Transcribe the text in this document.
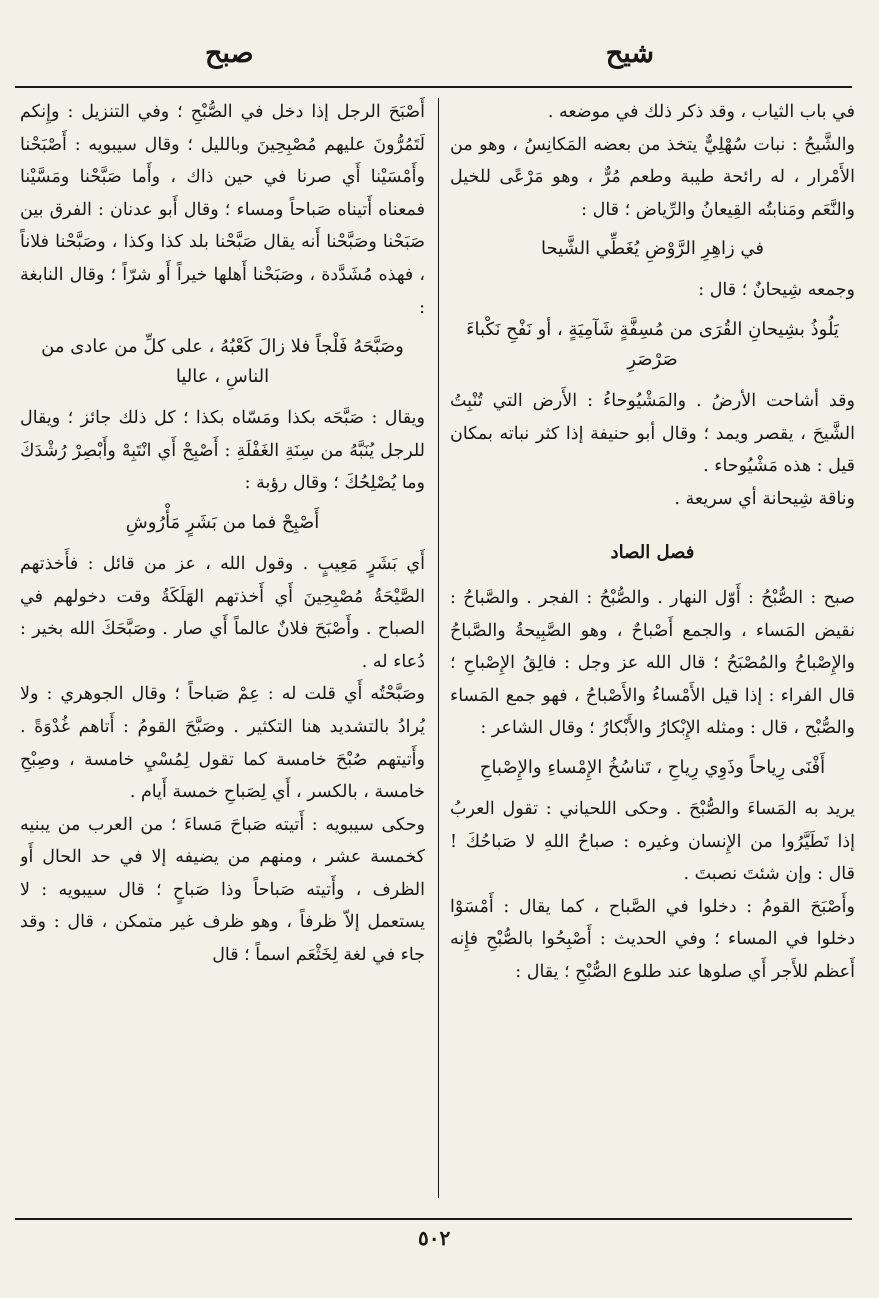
شيح
صبح

في باب الثياب ، وقد ذكر ذلك في موضعه .

والشَّيحُ : نبات سُهْلِيٌّ يتخذ من بعضه المَكانِسُ ، وهو من الأَمْرار ، له رائحة طيبة وطعم مُرٌّ ، وهو مَرْعًى للخيل والنَّعَم ومَنابتُه القِيعانُ والرِّياض ؛ قال :

في زاهِرِ الرَّوْضِ يُغَطِّي الشَّيحا

وجمعه شِيحانٌ ؛ قال :

يَلُوذُ بشِيحانِ القُرَى من مُسِفَّةٍ شَآمِيَةٍ ، أو نَفْحِ نَكْباءَ صَرْصَرِ

وقد أشاحت الأرضُ . والمَشْيُوحاءُ : الأَرض التي تُنْبِتُ الشَّيحَ ، يقصر ويمد ؛ وقال أبو حنيفة إذا كثر نباته بمكان قيل : هذه مَشْيُوحاء .

وناقة شِيحانة أي سريعة .

فصل الصاد

صبح : الصُّبْحُ : أَوّل النهار . والصُّبْحُ : الفجر . والصَّباحُ : نقيض المَساء ، والجمع أَصْباحٌ ، وهو الصَّبِيحةُ والصَّباحُ والإِصْباحُ والمُصْبَحُ ؛ قال الله عز وجل : فالِقُ الإِصْباحِ ؛ قال الفراء : إذا قيل الأَمْساءُ والأَصْباحُ ، فهو جمع المَساء والصُّبْح ، قال : ومثله الإِبْكارُ والأَبْكارُ ؛ وقال الشاعر :

أَفْنَى رِياحاً وذَوِي رِياحِ ، تَناسُخُ الإِمْساءِ والإِصْباحِ

يريد به المَساءَ والصُّبْحَ . وحكى اللحياني : تقول العربُ إذا تَطَيَّرُوا من الإِنسان وغيره : صباحُ اللهِ لا صَباحُكَ ! قال : وإن شئتَ نصبتَ .

وأَصْبَحَ القومُ : دخلوا في الصَّباح ، كما يقال : أَمْسَوْا دخلوا في المساء ؛ وفي الحديث : أَصْبِحُوا بالصُّبْحِ فإِنه أَعظم للأَجر أَي صلوها عند طلوع الصُّبْحِ ؛ يقال :

أَصْبَحَ الرجل إذا دخل في الصُّبْحِ ؛ وفي التنزيل : وإِنكم لَتَمُرُّونَ عليهم مُصْبِحِينَ وبالليل ؛ وقال سيبويه : أَصْبَحْنا وأَمْسَيْنا أَي صرنا في حين ذاك ، وأَما صَبَّحْنا ومَسَّيْنا فمعناه أَتيناه صَباحاً ومساء ؛ وقال أَبو عدنان : الفرق بين صَبَحْنا وصَبَّحْنا أَنه يقال صَبَّحْنا بلد كذا وكذا ، وصَبَّحْنا فلاناً ، فهذه مُشَدَّدة ، وصَبَحْنا أَهلها خيراً أَو شرّاً ؛ وقال النابغة :

وصَبَّحَهُ فَلْجاً فلا زالَ كَعْبُهُ ، على كلِّ من عادى من الناسِ ، عاليا

ويقال : صَبَّحَه بكذا ومَسّاه بكذا ؛ كل ذلك جائز ؛ ويقال للرجل يُنَبَّهُ من سِنَةِ الغَفْلَةِ : أَصْبِحْ أَي انْتَبِهْ وأَبْصِرْ رُشْدَكَ وما يُصْلِحُكَ ؛ وقال رؤبة :

أَصْبِحْ فما من بَشَرٍ مَأْرُوشِ

أَي بَشَرٍ مَعِيبٍ . وقول الله ، عز من قائل : فأَخذتهم الصَّيْحَةُ مُصْبِحِينَ أَي أَخذتهم الهَلَكَةُ وقت دخولهم في الصباح . وأَصْبَحَ فلانٌ عالماً أَي صار . وصَبَّحَكَ الله بخير : دُعاء له .

وصَبَّحْتُه أَي قلت له : عِمْ صَباحاً ؛ وقال الجوهري : ولا يُرادُ بالتشديد هنا التكثير . وصَبَّحَ القومُ : أَتاهم غُدْوَةً . وأَتيتهم صُبْحَ خامسة كما تقول لِمُسْيِ خامسة ، وصِبْحِ خامسة ، بالكسر ، أَي لِصَباحِ خمسة أَيام .

وحكى سيبويه : أَتيته صَباحَ مَساءَ ؛ من العرب من يبنيه كخمسة عشر ، ومنهم من يضيفه إلا في حد الحال أَو الظرف ، وأَتيته صَباحاً وذا صَباحٍ ؛ قال سيبويه : لا يستعمل إلاّ ظرفاً ، وهو ظرف غير متمكن ، قال : وقد جاء في لغة لِخَثْعَم اسماً ؛ قال

٥٠٢
